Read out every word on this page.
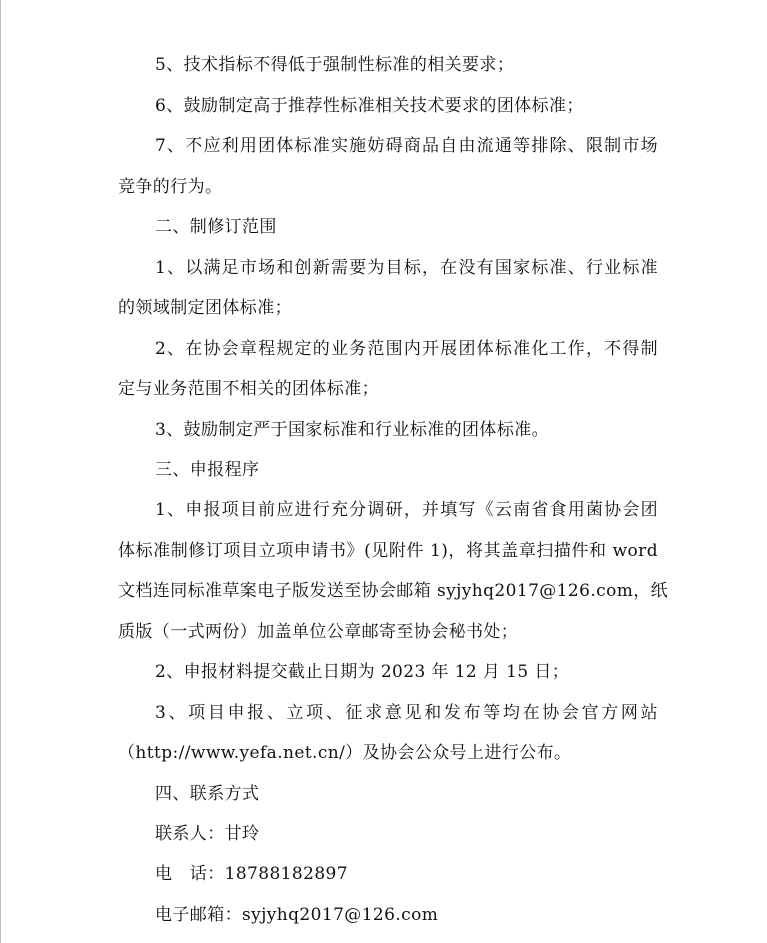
5、技术指标不得低于强制性标准的相关要求；
6、鼓励制定高于推荐性标准相关技术要求的团体标准；
7、不应利用团体标准实施妨碍商品自由流通等排除、限制市场
竞争的行为。
二、制修订范围
1、以满足市场和创新需要为目标，在没有国家标准、行业标准
的领域制定团体标准；
2、在协会章程规定的业务范围内开展团体标准化工作，不得制
定与业务范围不相关的团体标准；
3、鼓励制定严于国家标准和行业标准的团体标准。
三、申报程序
1、申报项目前应进行充分调研，并填写《云南省食用菌协会团
体标准制修订项目立项申请书》(见附件 1)，将其盖章扫描件和 word
文档连同标准草案电子版发送至协会邮箱 syjyhq2017@126.com，纸
质版（一式两份）加盖单位公章邮寄至协会秘书处；
2、申报材料提交截止日期为 2023 年 12 月 15 日；
3、项目申报、立项、征求意见和发布等均在协会官方网站
（http://www.yefa.net.cn/）及协会公众号上进行公布。
四、联系方式
联系人：甘玲
电　话：18788182897
电子邮箱：syjyhq2017@126.com
